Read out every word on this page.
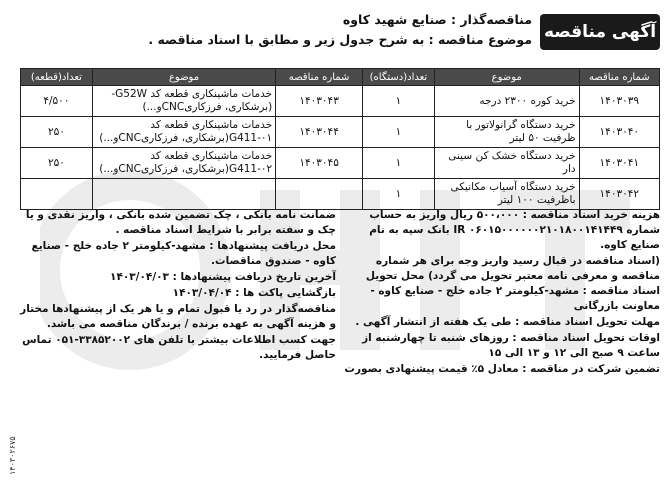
آگهی مناقصه
مناقصه‌گذار : صنایع شهید کاوه
موضوع مناقصه : به شرح جدول زیر و مطابق با اسناد مناقصه .
شماره مناقصه	موضوع	تعداد(دستگاه)	شماره مناقصه	موضوع	تعداد(قطعه)
۱۴۰۳۰۳۹	خرید کوره ۲۳۰۰ درجه	۱	۱۴۰۳۰۴۳	خدمات ماشینکاری قطعه کد G52W-(برشکاری، فرزکاریCNCو...)	۴/۵۰۰
۱۴۰۳۰۴۰	خرید دستگاه گرانولاتور با ظرفیت ۵۰ لیتر	۱	۱۴۰۳۰۴۴	خدمات ماشینکاری قطعه کد G411-۰۱(برشکاری، فرزکاریCNCو...)	۲۵۰
۱۴۰۳۰۴۱	خرید دستگاه خشک کن سینی دار	۱	۱۴۰۳۰۴۵	خدمات ماشینکاری قطعه کد G411-۰۲(برشکاری، فرزکاریCNCو...)	۲۵۰
۱۴۰۳۰۴۲	خرید دستگاه آسیاب مکانیکی باظرفیت ۱۰۰ لیتر	۱			

هزینه خرید اسناد مناقصه : ۵۰۰،۰۰۰ ریال واریز به حساب شماره IR ۰۶۰۱۵۰۰۰۰۰۰۲۱۰۱۸۰۰۱۴۱۴۴۹ بانک سپه به نام صنایع کاوه.

(اسناد مناقصه در قبال رسید واریز وجه برای هر شماره مناقصه و معرفی نامه معتبر تحویل می گردد) محل تحویل اسناد مناقصه : مشهد-کیلومتر ۲ جاده خلج - صنایع کاوه - معاونت بازرگانی

مهلت تحویل اسناد مناقصه : طی یک هفته از انتشار آگهی .

اوقات تحویل اسناد مناقصه : روزهای شنبه تا چهارشنبه از ساعت ۹ صبح الی ۱۲ و ۱۳ الی ۱۵

تضمین شرکت در مناقصه : معادل ۵٪ قیمت پیشنهادی بصورت

ضمانت نامه بانکی ، چک تضمین شده بانکی ، واریز نقدی و یا چک و سفته برابر با شرایط اسناد مناقصه .

محل دریافت پیشنهادها : مشهد-کیلومتر ۲ جاده خلج - صنایع کاوه - صندوق مناقصات.

آخرین تاریخ دریافت پیشنهادها : ۱۴۰۳/۰۴/۰۳

بازگشایی پاکت ها : ۱۴۰۳/۰۴/۰۴

مناقصه‌گذار در رد یا قبول تمام و یا هر یک از پیشنهادها مختار و هزینه آگهی به عهده برنده / برندگان مناقصه می باشد.

جهت کسب اطلاعات بیشتر با تلفن های ۳۳۸۵۲۰۰۲-۰۵۱ تماس حاصل فرمایید.

۱۴۰۳۰۲۶۷۵
